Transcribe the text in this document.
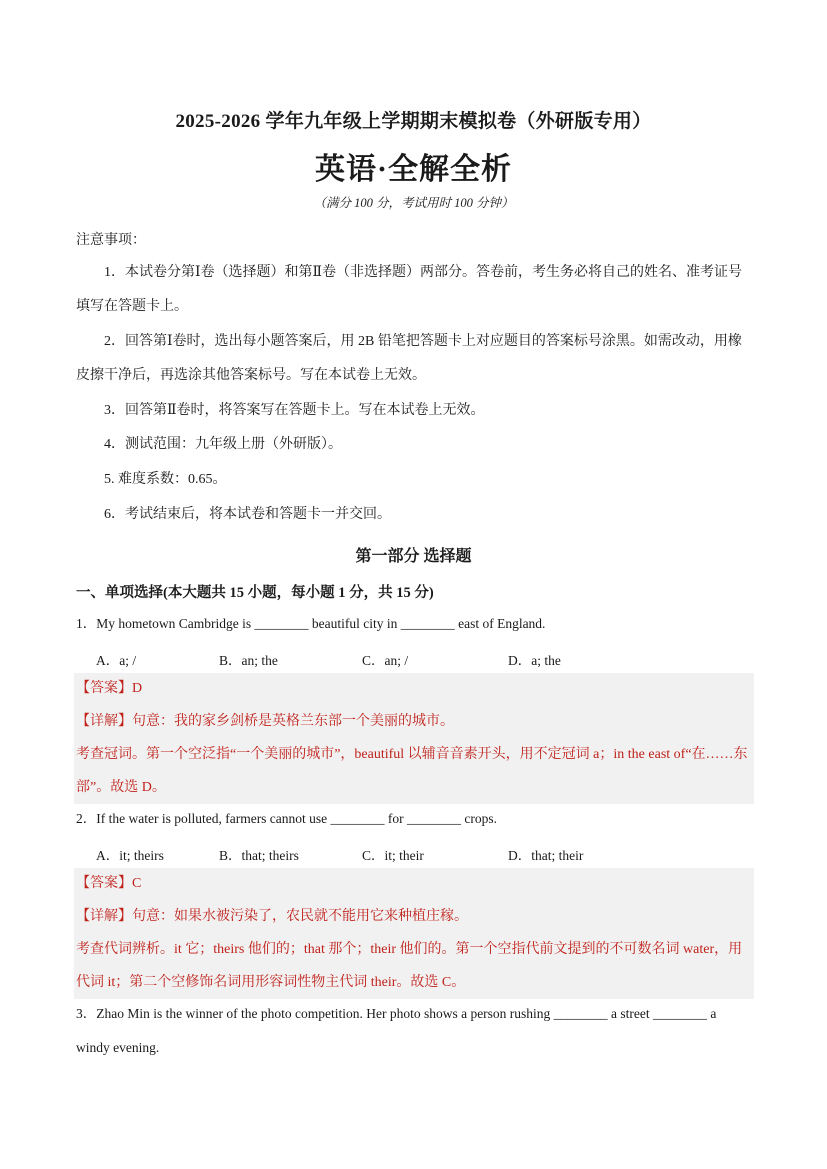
2025-2026 学年九年级上学期期末模拟卷（外研版专用）
英语·全解全析
（满分 100 分，考试用时 100 分钟）
注意事项：
1．本试卷分第Ⅰ卷（选择题）和第Ⅱ卷（非选择题）两部分。答卷前，考生务必将自己的姓名、准考证号填写在答题卡上。
2．回答第Ⅰ卷时，选出每小题答案后，用 2B 铅笔把答题卡上对应题目的答案标号涂黑。如需改动，用橡皮擦干净后，再选涂其他答案标号。写在本试卷上无效。
3．回答第Ⅱ卷时，将答案写在答题卡上。写在本试卷上无效。
4．测试范围：九年级上册（外研版）。
5. 难度系数：0.65。
6．考试结束后，将本试卷和答题卡一并交回。
第一部分 选择题
一、单项选择(本大题共 15 小题，每小题 1 分，共 15 分)
1．My hometown Cambridge is ________ beautiful city in ________ east of England.
A．a; /	B．an; the	C．an; /	D．a; the
【答案】D
【详解】句意：我的家乡剑桥是英格兰东部一个美丽的城市。
考查冠词。第一个空泛指“一个美丽的城市”，beautiful 以辅音音素开头，用不定冠词 a；in the east of“在……东部”。故选 D。
2．If the water is polluted, farmers cannot use ________ for ________ crops.
A．it; theirs	B．that; theirs	C．it; their	D．that; their
【答案】C
【详解】句意：如果水被污染了，农民就不能用它来种植庄稼。
考查代词辨析。it 它；theirs 他们的；that 那个；their 他们的。第一个空指代前文提到的不可数名词 water，用代词 it；第二个空修饰名词用形容词性物主代词 their。故选 C。
3．Zhao Min is the winner of the photo competition. Her photo shows a person rushing ________ a street ________ a windy evening.
